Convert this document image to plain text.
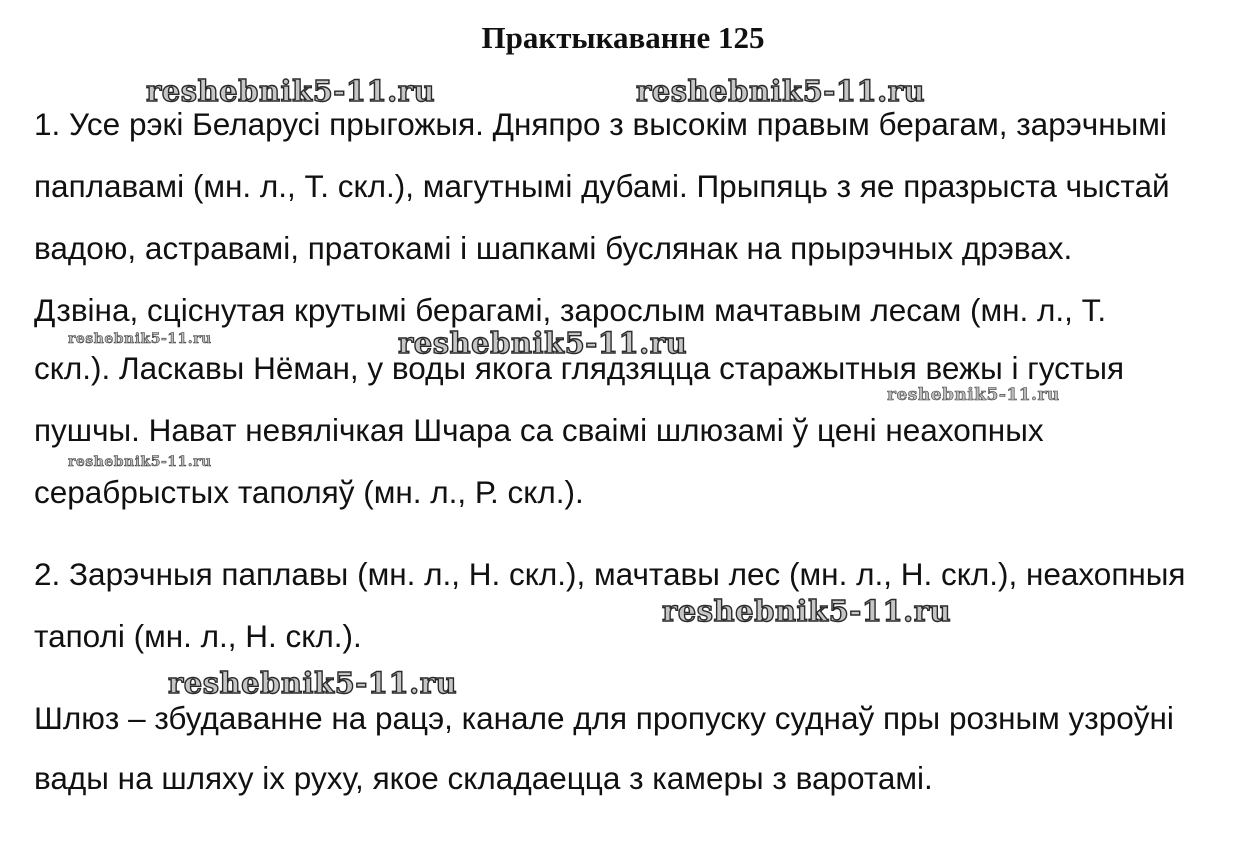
Практыкаванне 125
reshebnik5-11.ru	reshebnik5-11.ru
reshebnik5-11.ru	reshebnik5-11.ru
reshebnik5-11.ru
reshebnik5-11.ru
reshebnik5-11.ru
reshebnik5-11.ru
1. Усе рэкі Беларусі прыгожыя. Дняпро з высокім правым берагам, зарэчнымі
паплавамі (мн. л., Т. скл.), магутнымі дубамі. Прыпяць з яе празрыста чыстай
вадою, астравамі, пратокамі і шапкамі буслянак на прырэчных дрэвах.
Дзвіна, сціснутая крутымі берагамі, зарослым мачтавым лесам (мн. л., Т.
скл.). Ласкавы Нёман, у воды якога глядзяцца старажытныя вежы і густыя
пушчы. Нават невялічкая Шчара са сваімі шлюзамі ў цені неахопных
серабрыстых таполяў (мн. л., Р. скл.).
2. Зарэчныя паплавы (мн. л., Н. скл.), мачтавы лес (мн. л., Н. скл.), неахопныя
таполі (мн. л., Н. скл.).
Шлюз – збудаванне на рацэ, канале для пропуску суднаў пры розным узроўні
вады на шляху іх руху, якое складаецца з камеры з варотамі.
